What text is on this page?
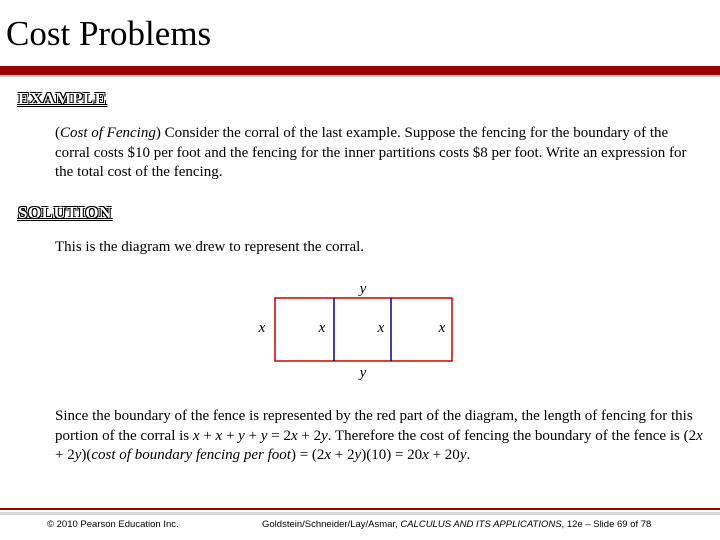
Cost Problems
EXAMPLE
(Cost of Fencing) Consider the corral of the last example. Suppose the fencing for the boundary of the corral costs $10 per foot and the fencing for the inner partitions costs $8 per foot. Write an expression for the total cost of the fencing.
SOLUTION
This is the diagram we drew to represent the corral.
y
x	x	x	x
y
Since the boundary of the fence is represented by the red part of the diagram, the length of fencing for this portion of the corral is x + x + y + y = 2x + 2y. Therefore the cost of fencing the boundary of the fence is (2x + 2y)(cost of boundary fencing per foot) = (2x + 2y)(10) = 20x + 20y.
© 2010 Pearson Education Inc.	Goldstein/Schneider/Lay/Asmar, CALCULUS AND ITS APPLICATIONS, 12e – Slide 69 of 78
